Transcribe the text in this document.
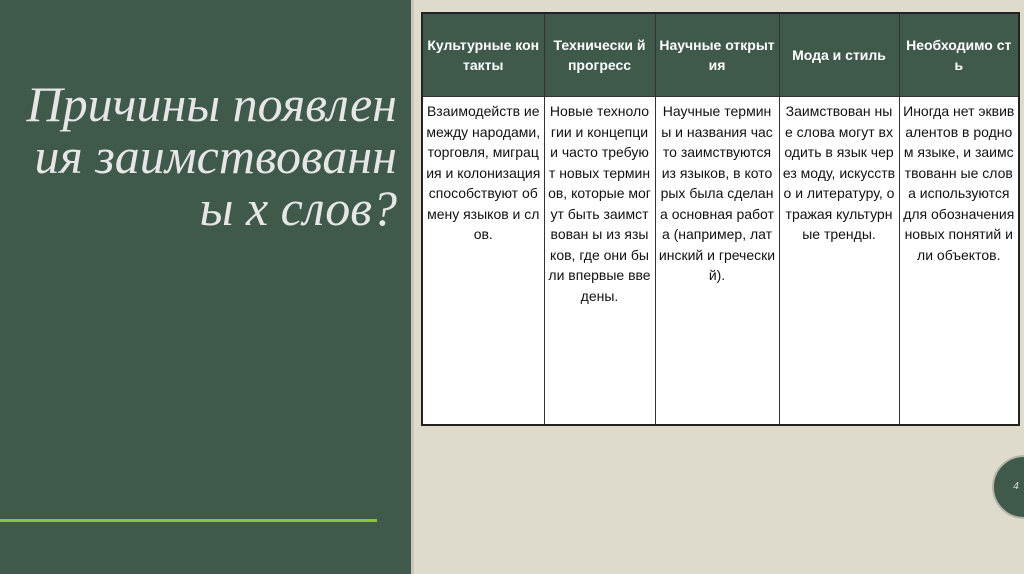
Причины появления заимствованны х слов?
Культурные контакты	Технически й прогресс	Научные открытия	Мода и стиль	Необходимо сть
Взаимодейств ие между народами, торговля, миграция и колонизация способствуют обмену языков и слов.	Новые технологии и концепции часто требуют новых терминов, которые могут быть заимствован ы из языков, где они были впервые введены.	Научные термины и названия часто заимствуются из языков, в которых была сделана основная работа (например, латинский и греческий).	Заимствован ные слова могут входить в язык через моду, искусство и литературу, отражая культурные тренды.	Иногда нет эквивалентов в родном языке, и заимствованн ые слова используются для обозначения новых понятий или объектов.
4
